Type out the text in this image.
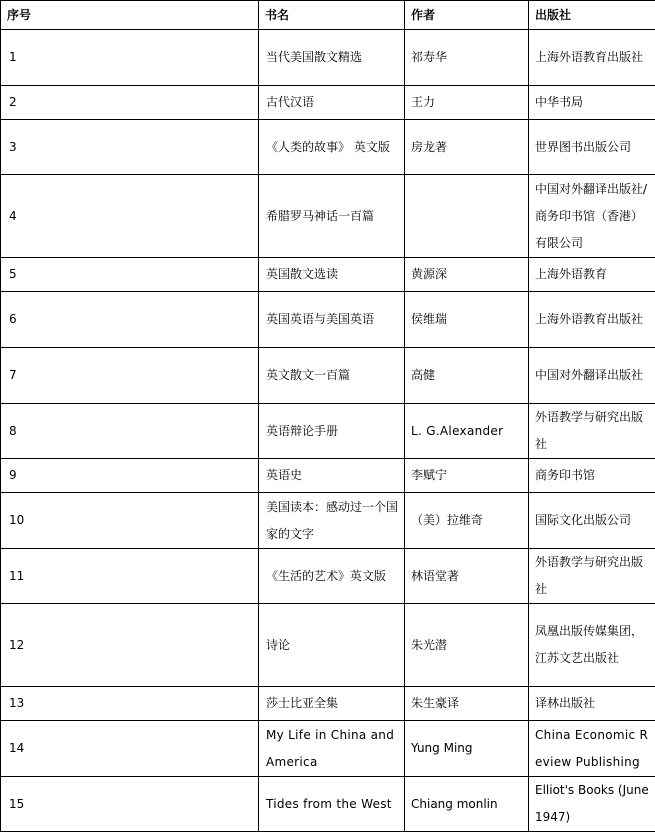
序号	书名	作者	出版社
1	当代美国散文精选	祁寿华	上海外语教育出版社
2	古代汉语	王力	中华书局
3	《人类的故事》 英文版	房龙著	世界图书出版公司
4	希腊罗马神话一百篇		中国对外翻译出版社/商务印书馆（香港）有限公司
5	英国散文选读	黄源深	上海外语教育
6	英国英语与美国英语	侯维瑞	上海外语教育出版社
7	英文散文一百篇	高健	中国对外翻译出版社
8	英语辩论手册	L. G.Alexander	外语教学与研究出版社
9	英语史	李赋宁	商务印书馆
10	美国读本：感动过一个国家的文字	（美）拉维奇	国际文化出版公司
11	《生活的艺术》英文版	林语堂著	外语教学与研究出版社
12	诗论	朱光潜	凤凰出版传媒集团，江苏文艺出版社
13	莎士比亚全集	朱生豪译	译林出版社
14	My Life in China and America	Yung Ming	China Economic Review Publishing
15	Tides from the West	Chiang monlin	Elliot's Books (June 1947)
